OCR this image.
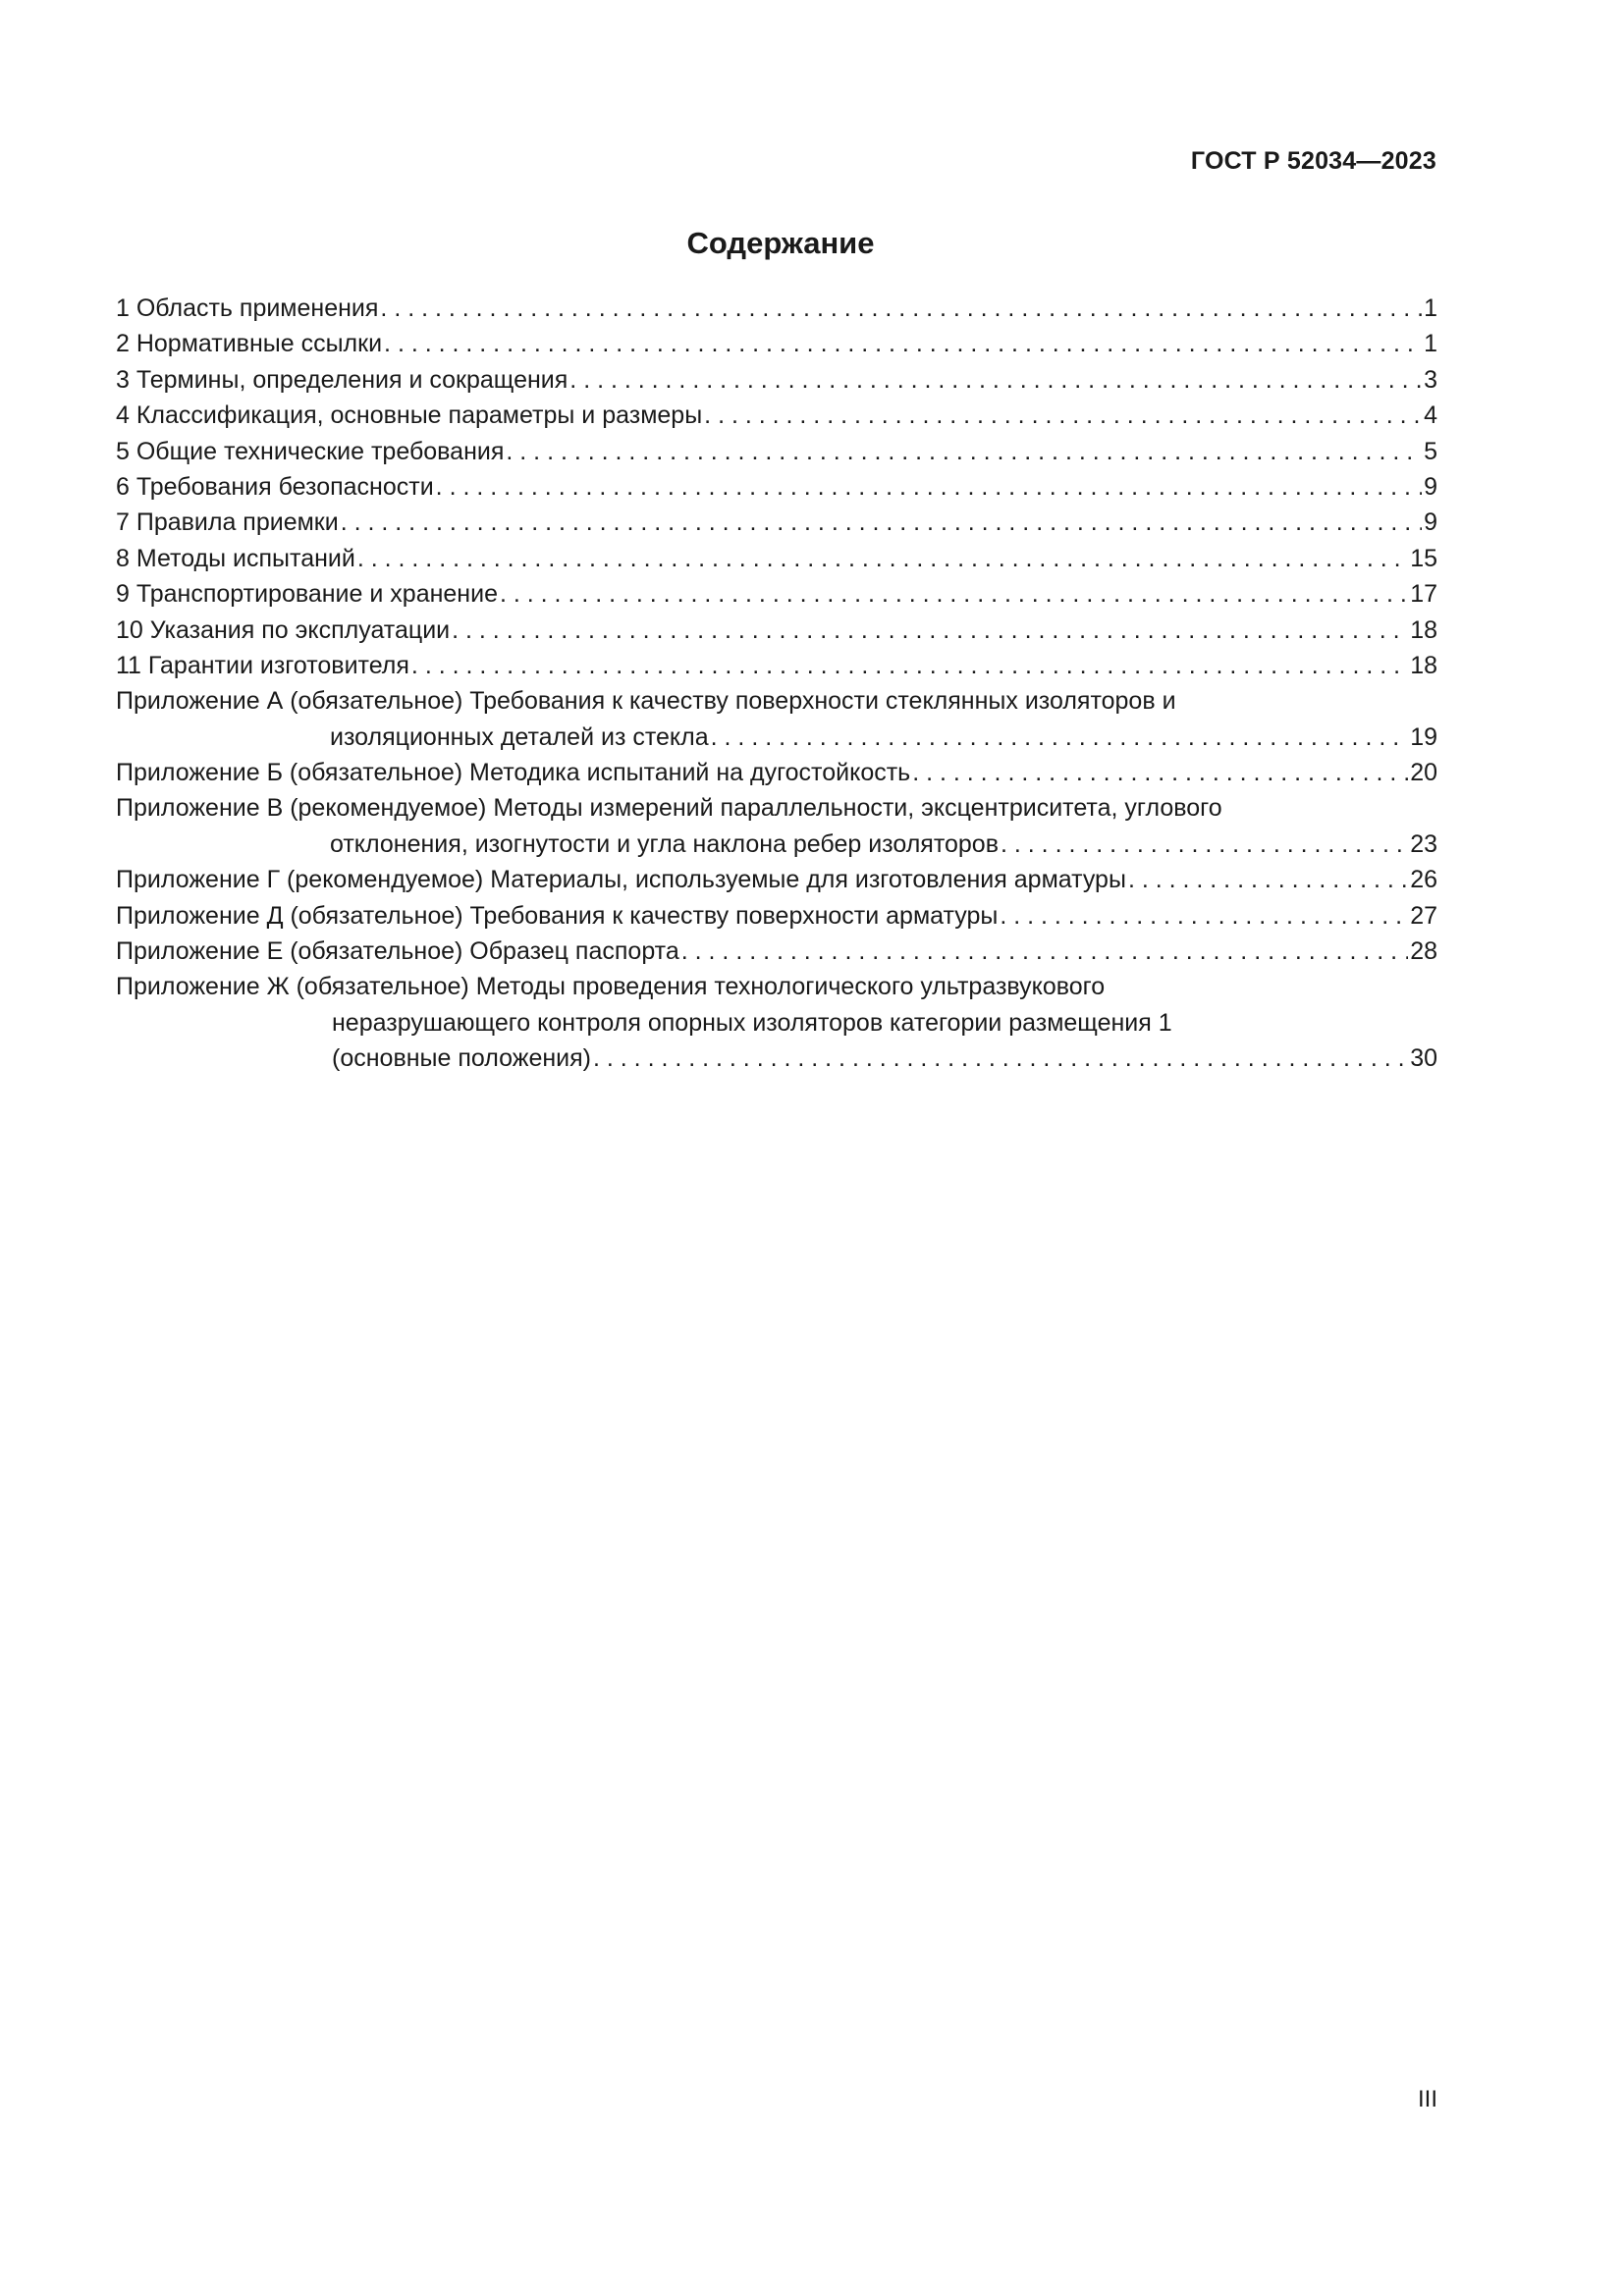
ГОСТ Р 52034—2023
Содержание
1 Область применения . . .	1
2 Нормативные ссылки . . .	1
3 Термины, определения и сокращения . . .	3
4 Классификация, основные параметры и размеры . . .	4
5 Общие технические требования . . .	5
6 Требования безопасности . . .	9
7 Правила приемки . . .	9
8 Методы испытаний . . .	15
9 Транспортирование и хранение . . .	17
10 Указания по эксплуатации . . .	18
11 Гарантии изготовителя . . .	18
Приложение А (обязательное) Требования к качеству поверхности стеклянных изоляторов и
изоляционных деталей из стекла . . .	19
Приложение Б (обязательное) Методика испытаний на дугостойкость . . .	20
Приложение В (рекомендуемое) Методы измерений параллельности, эксцентриситета, углового
отклонения, изогнутости и угла наклона ребер изоляторов . . .	23
Приложение Г (рекомендуемое) Материалы, используемые для изготовления арматуры . . .	26
Приложение Д (обязательное) Требования к качеству поверхности арматуры . . .	27
Приложение Е (обязательное) Образец паспорта . . .	28
Приложение Ж (обязательное) Методы проведения технологического ультразвукового
неразрушающего контроля опорных изоляторов категории размещения 1
(основные положения) . . .	30
III
